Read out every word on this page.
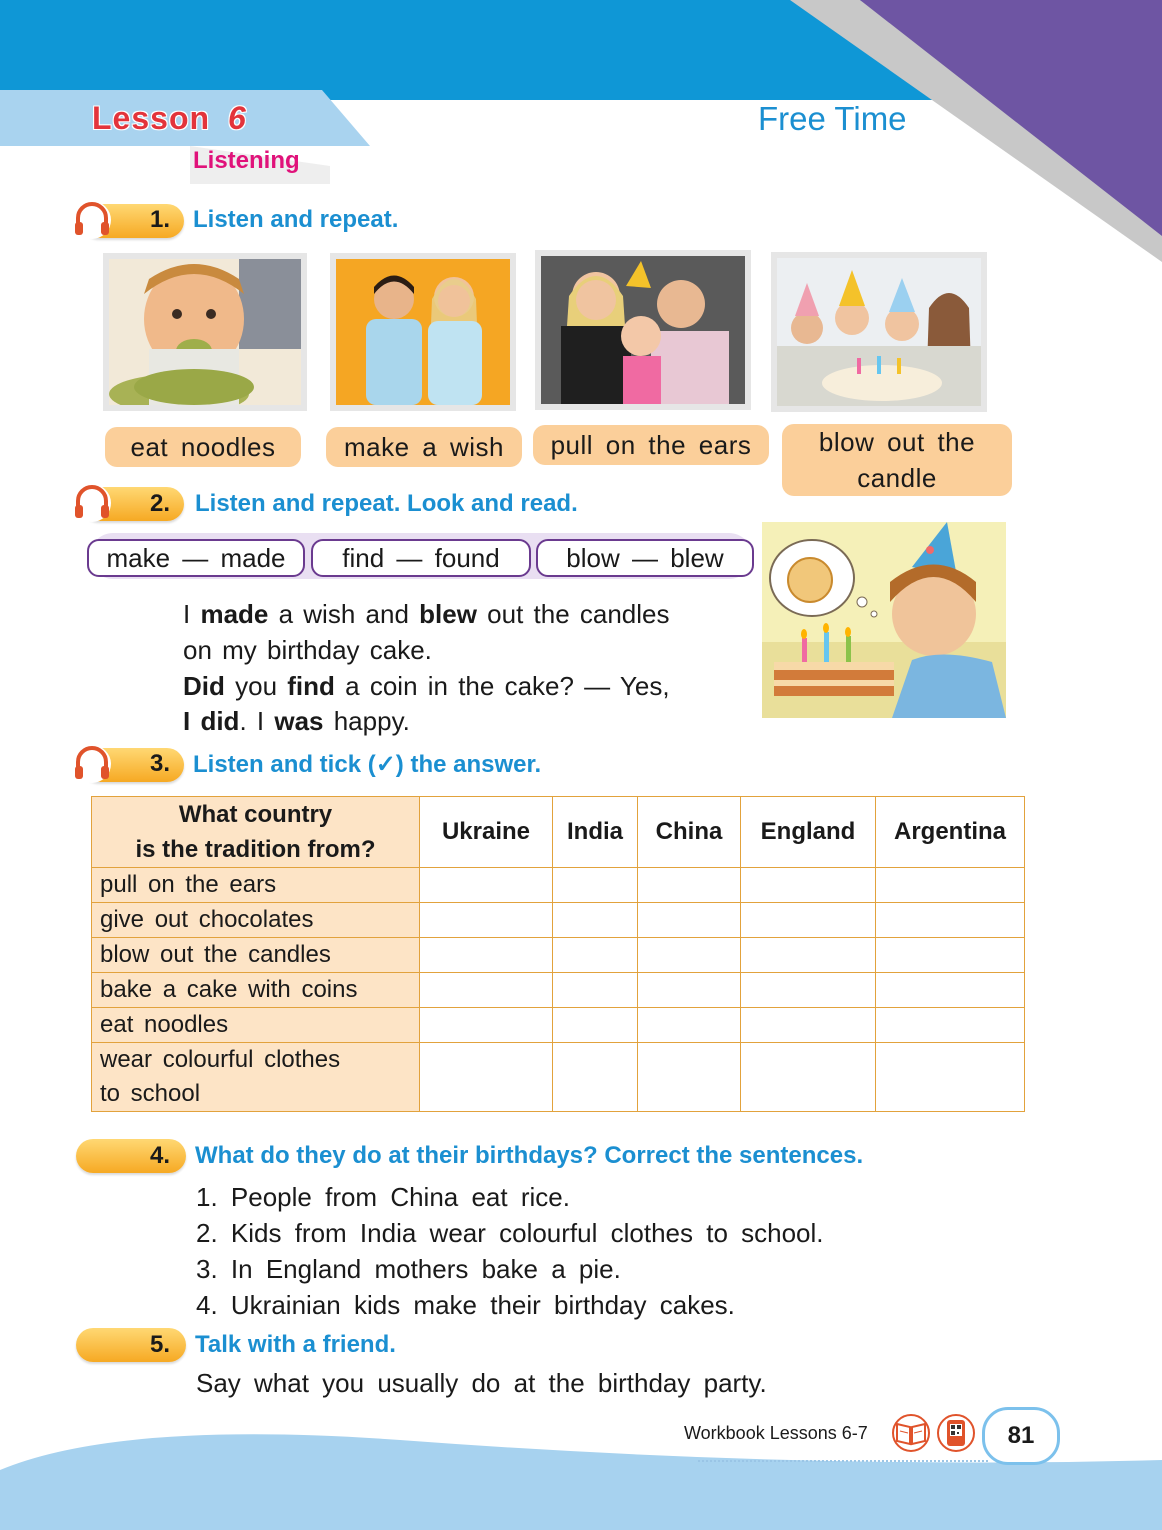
Lesson 6	Free Time
Listening
1. Listen and repeat.
eat noodles	make a wish	pull on the ears	blow out the candle
2. Listen and repeat. Look and read.
make — made	find — found	blow — blew
I made a wish and blew out the candles
on my birthday cake.
Did you find a coin in the cake? — Yes,
I did. I was happy.
3. Listen and tick (✓) the answer.
What country
is the tradition from?	Ukraine	India	China	England	Argentina
pull on the ears					
give out chocolates					
blow out the candles					
bake a cake with coins					
eat noodles					
wear colourful clothes
to school					
4. What do they do at their birthdays? Correct the sentences.
1. People from China eat rice.
2. Kids from India wear colourful clothes to school.
3. In England mothers bake a pie.
4. Ukrainian kids make their birthday cakes.
5. Talk with a friend.
Say what you usually do at the birthday party.
Workbook Lessons 6-7	81
